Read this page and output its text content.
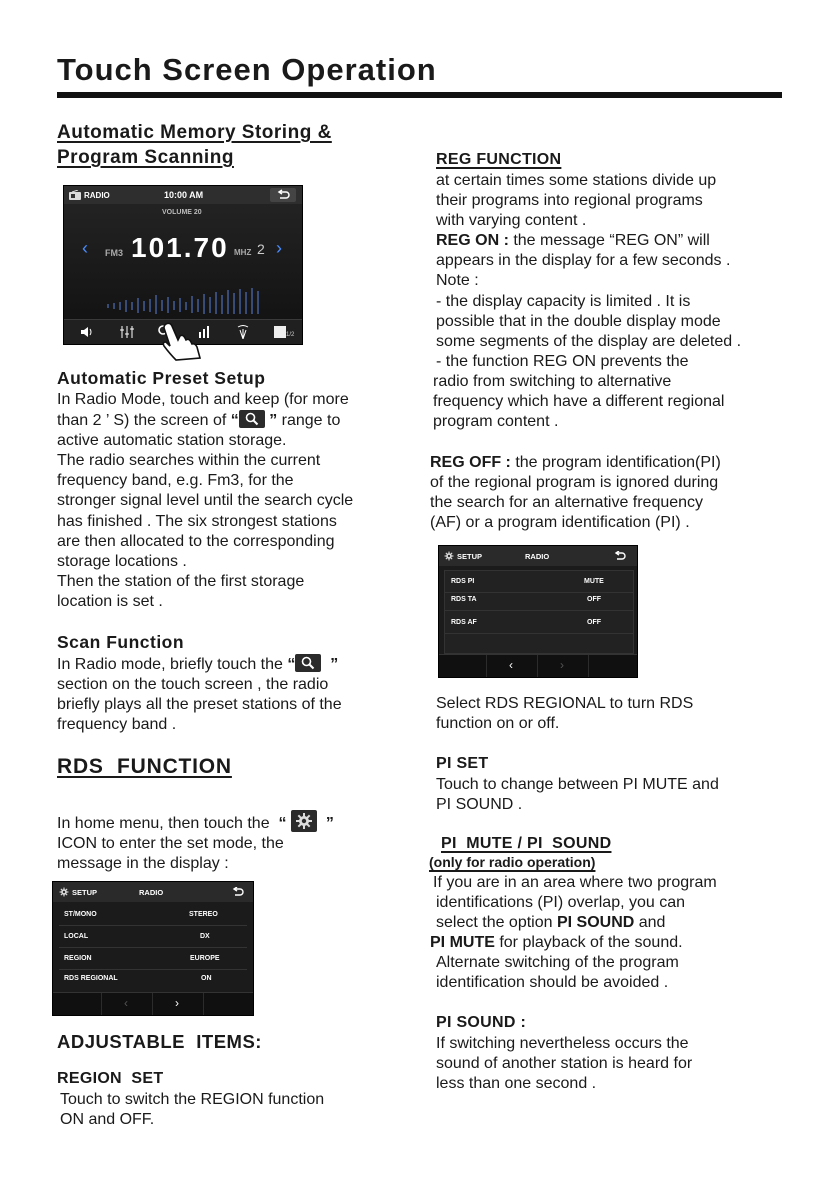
Touch Screen Operation
Automatic Memory Storing &
Program Scanning
RADIO	10:00 AM
VOLUME 20
‹ FM3 101.70 MHZ 2 ›
1/2
Automatic Preset Setup

In Radio Mode, touch and keep (for more

than 2 ’ S) the screen of “ ” range to

active automatic station storage.

The radio searches within the current

frequency band, e.g. Fm3, for the

stronger signal level until the search cycle

has finished . The six strongest stations

are then allocated to the corresponding

storage locations .

Then the station of the first storage

location is set .

Scan Function

In Radio mode, briefly touch the “ ”

section on the touch screen , the radio

briefly plays all the preset stations of the

frequency band .

RDS  FUNCTION

In home menu, then touch the  “ ”

ICON to enter the set mode, the

message in the display :

SETUP	RADIO
ST/MONO	STEREO
LOCAL	DX
REGION	EUROPE
RDS REGIONAL	ON
‹	›
ADJUSTABLE  ITEMS:
REGION  SET

Touch to switch the REGION function

ON and OFF.

REG FUNCTION

at certain times some stations divide up

their programs into regional programs

with varying content .

REG ON : the message “REG ON” will

appears in the display for a few seconds .

Note :

- the display capacity is limited . It is

possible that in the double display mode

some segments of the display are deleted .

- the function REG ON prevents the

radio from switching to alternative

frequency which have a different regional

program content .

REG OFF : the program identification(PI)

of the regional program is ignored during

the search for an alternative frequency

(AF) or a program identification (PI) .

SETUP	RADIO
RDS PI	MUTE
RDS TA	OFF
RDS AF	OFF
‹	›

Select RDS REGIONAL to turn RDS

function on or off.

PI SET

Touch to change between PI MUTE and

PI SOUND .

PI  MUTE / PI  SOUND
(only for radio operation)

If you are in an area where two program

identifications (PI) overlap, you can

select the option PI SOUND and

PI MUTE for playback of the sound.

Alternate switching of the program

identification should be avoided .

PI SOUND :

If switching nevertheless occurs the

sound of another station is heard for

less than one second .
